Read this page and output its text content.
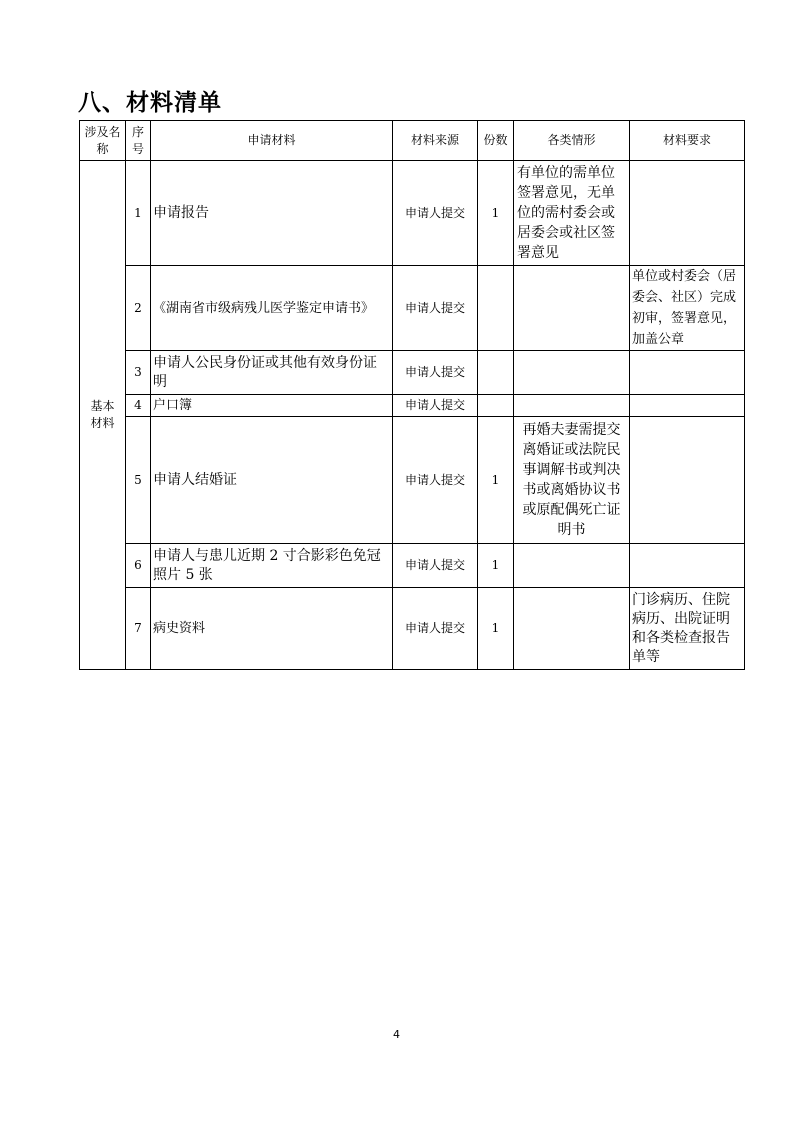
八、材料清单
涉及名称	序号	申请材料	材料来源	份数	各类情形	材料要求
基本材料	1	申请报告	申请人提交	1	有单位的需单位签署意见，无单位的需村委会或居委会或社区签署意见	
	2	《湖南省市级病残儿医学鉴定申请书》	申请人提交			单位或村委会（居委会、社区）完成初审，签署意见，加盖公章
	3	申请人公民身份证或其他有效身份证明	申请人提交			
	4	户口簿	申请人提交			
	5	申请人结婚证	申请人提交	1	再婚夫妻需提交离婚证或法院民事调解书或判决书或离婚协议书或原配偶死亡证明书	
	6	申请人与患儿近期 2 寸合影彩色免冠照片 5 张	申请人提交	1		
	7	病史资料	申请人提交	1		门诊病历、住院病历、出院证明和各类检查报告单等
4
